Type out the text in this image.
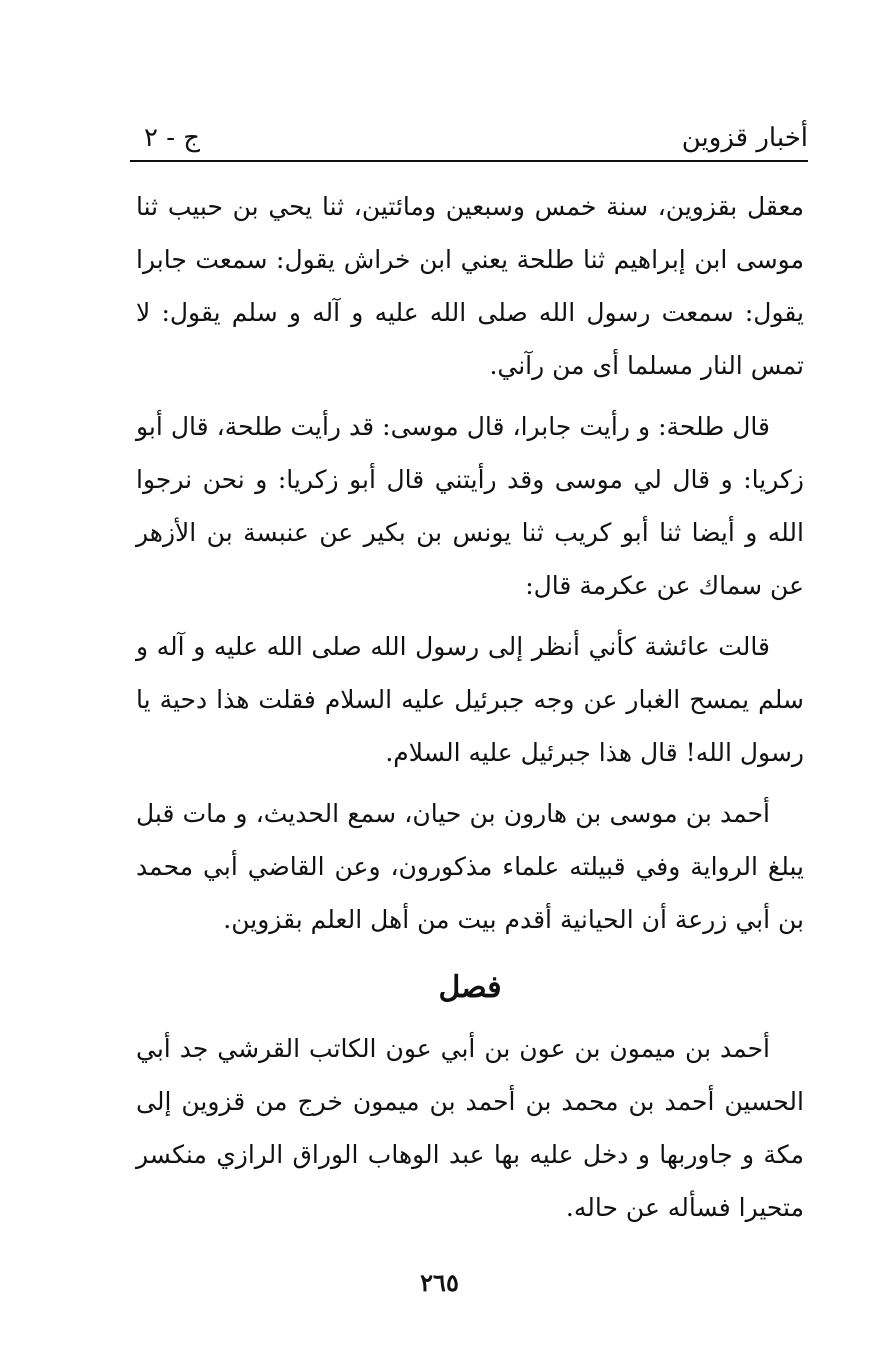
أخبار قزوين
ج - ٢

معقل بقزوين، سنة خمس وسبعين ومائتين، ثنا يحي بن حبيب ثنا موسى ابن إبراهيم ثنا طلحة يعني ابن خراش يقول: سمعت جابرا يقول: سمعت رسول الله صلى الله عليه و آله و سلم يقول: لا تمس النار مسلما أى من رآني.

قال طلحة: و رأيت جابرا، قال موسى: قد رأيت طلحة، قال أبو زكريا: و قال لي موسى وقد رأيتني قال أبو زكريا: و نحن نرجوا الله و أيضا ثنا أبو كريب ثنا يونس بن بكير عن عنبسة بن الأزهر عن سماك عن عكرمة قال:

قالت عائشة كأني أنظر إلى رسول الله صلى الله عليه و آله و سلم يمسح الغبار عن وجه جبرئيل عليه السلام فقلت هذا دحية يا رسول الله! قال هذا جبرئيل عليه السلام.

أحمد بن موسى بن هارون بن حيان، سمع الحديث، و مات قبل يبلغ الرواية وفي قبيلته علماء مذكورون، وعن القاضي أبي محمد بن أبي زرعة أن الحيانية أقدم بيت من أهل العلم بقزوين.

فصل

أحمد بن ميمون بن عون بن أبي عون الكاتب القرشي جد أبي الحسين أحمد بن محمد بن أحمد بن ميمون خرج من قزوين إلى مكة و جاوربها و دخل عليه بها عبد الوهاب الوراق الرازي منكسر متحيرا فسأله عن حاله.

٢٦٥
